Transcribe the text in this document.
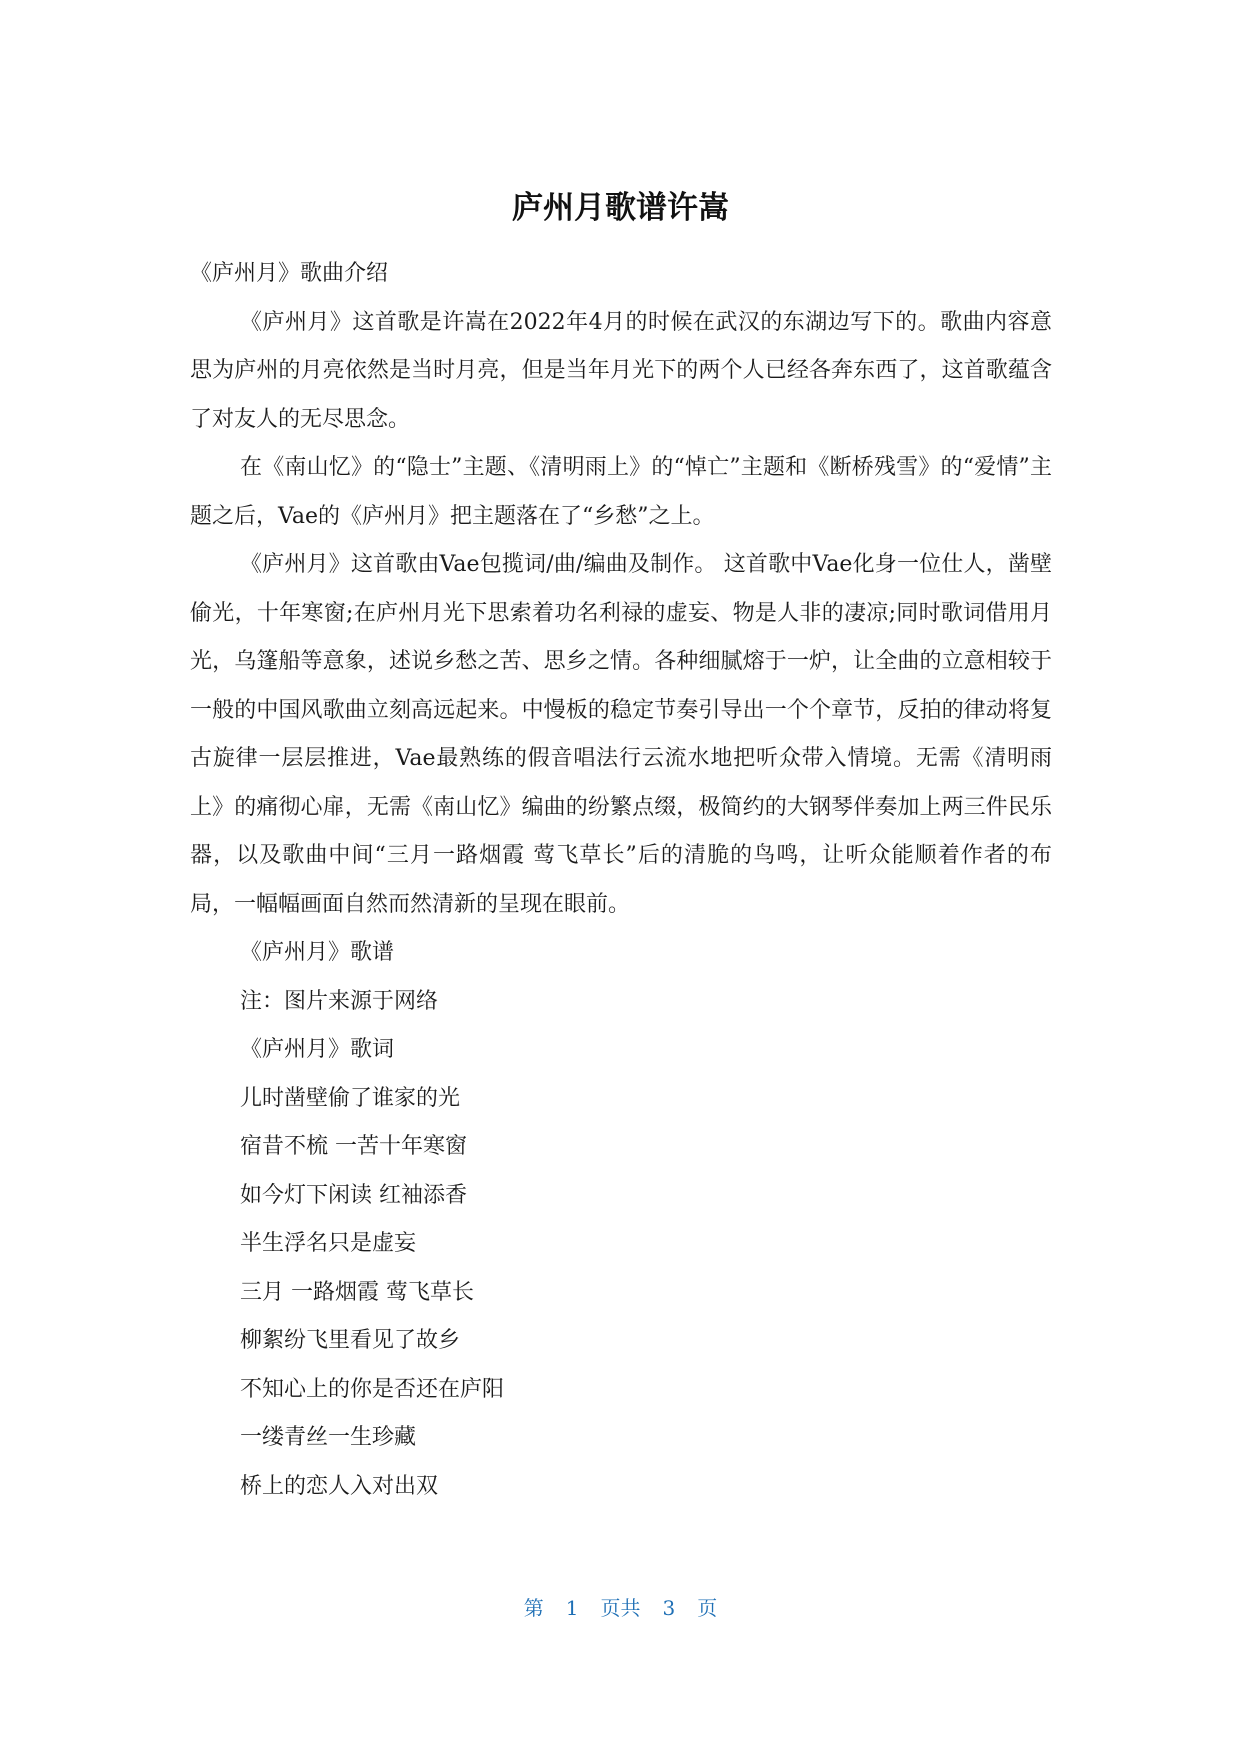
庐州月歌谱许嵩

《庐州月》歌曲介绍

《庐州月》这首歌是许嵩在2022年4月的时候在武汉的东湖边写下的。歌曲内容意思为庐州的月亮依然是当时月亮，但是当年月光下的两个人已经各奔东西了，这首歌蕴含了对友人的无尽思念。

在《南山忆》的“隐士”主题、《清明雨上》的“悼亡”主题和《断桥残雪》的“爱情”主题之后，Vae的《庐州月》把主题落在了“乡愁”之上。

《庐州月》这首歌由Vae包揽词/曲/编曲及制作。 这首歌中Vae化身一位仕人，凿壁偷光，十年寒窗;在庐州月光下思索着功名利禄的虚妄、物是人非的凄凉;同时歌词借用月光，乌篷船等意象，述说乡愁之苦、思乡之情。各种细腻熔于一炉，让全曲的立意相较于一般的中国风歌曲立刻高远起来。中慢板的稳定节奏引导出一个个章节，反拍的律动将复古旋律一层层推进，Vae最熟练的假音唱法行云流水地把听众带入情境。无需《清明雨上》的痛彻心扉，无需《南山忆》编曲的纷繁点缀，极简约的大钢琴伴奏加上两三件民乐器，以及歌曲中间“三月一路烟霞 莺飞草长”后的清脆的鸟鸣，让听众能顺着作者的布局，一幅幅画面自然而然清新的呈现在眼前。

《庐州月》歌谱

注：图片来源于网络

《庐州月》歌词

儿时凿壁偷了谁家的光

宿昔不梳 一苦十年寒窗

如今灯下闲读 红袖添香

半生浮名只是虚妄

三月 一路烟霞 莺飞草长

柳絮纷飞里看见了故乡

不知心上的你是否还在庐阳

一缕青丝一生珍藏

桥上的恋人入对出双

第 1 页共 3 页
